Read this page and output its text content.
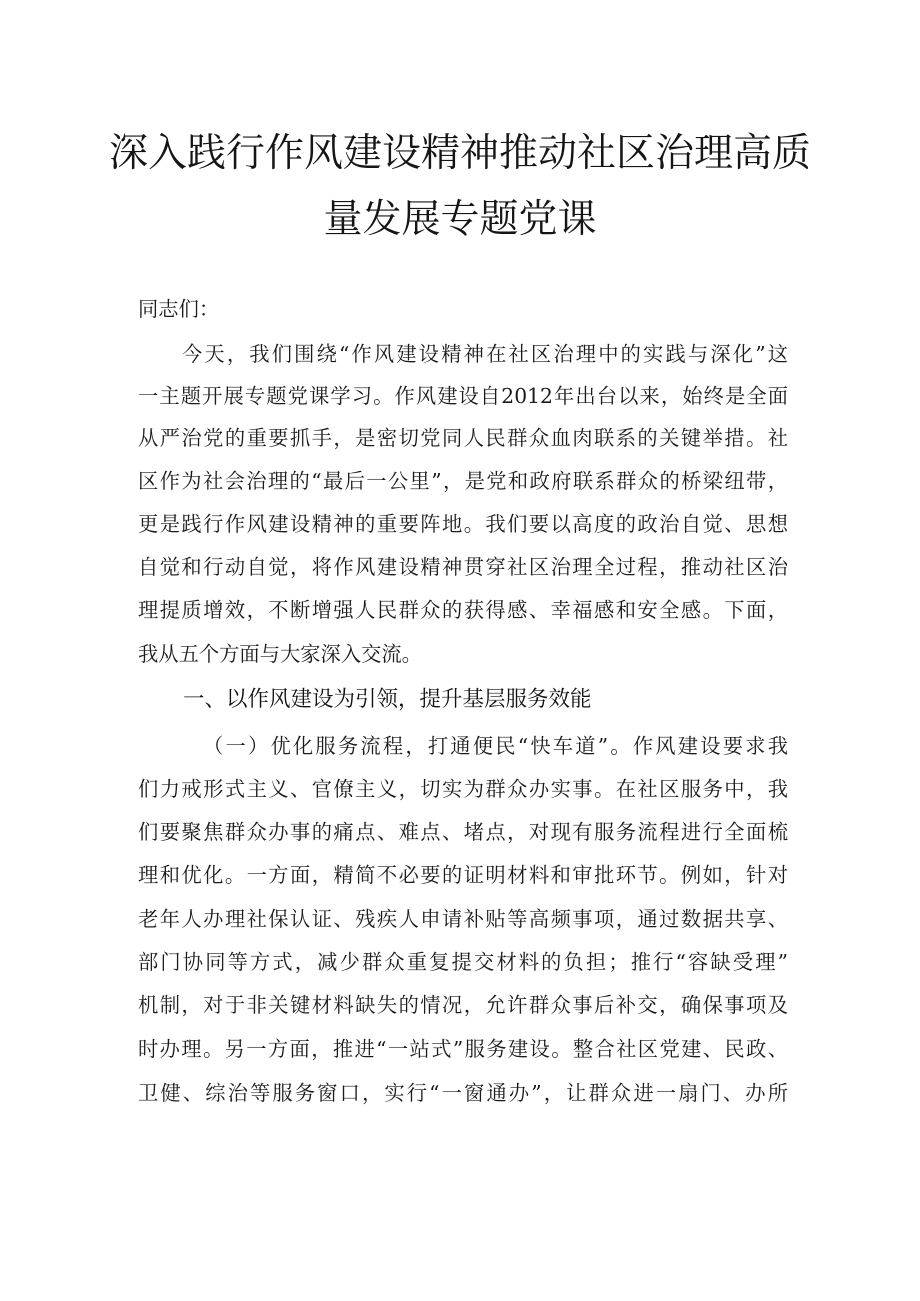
深入践行作风建设精神推动社区治理高质
量发展专题党课
同志们：
今天，我们围绕“作风建设精神在社区治理中的实践与深化”这
一主题开展专题党课学习。作风建设自2012年出台以来，始终是全面
从严治党的重要抓手，是密切党同人民群众血肉联系的关键举措。社
区作为社会治理的“最后一公里”，是党和政府联系群众的桥梁纽带，
更是践行作风建设精神的重要阵地。我们要以高度的政治自觉、思想
自觉和行动自觉，将作风建设精神贯穿社区治理全过程，推动社区治
理提质增效，不断增强人民群众的获得感、幸福感和安全感。下面，
我从五个方面与大家深入交流。
一、以作风建设为引领，提升基层服务效能
（一）优化服务流程，打通便民“快车道”。作风建设要求我
们力戒形式主义、官僚主义，切实为群众办实事。在社区服务中，我
们要聚焦群众办事的痛点、难点、堵点，对现有服务流程进行全面梳
理和优化。一方面，精简不必要的证明材料和审批环节。例如，针对
老年人办理社保认证、残疾人申请补贴等高频事项，通过数据共享、
部门协同等方式，减少群众重复提交材料的负担；推行“容缺受理”
机制，对于非关键材料缺失的情况，允许群众事后补交，确保事项及
时办理。另一方面，推进“一站式”服务建设。整合社区党建、民政、
卫健、综治等服务窗口，实行“一窗通办”，让群众进一扇门、办所
